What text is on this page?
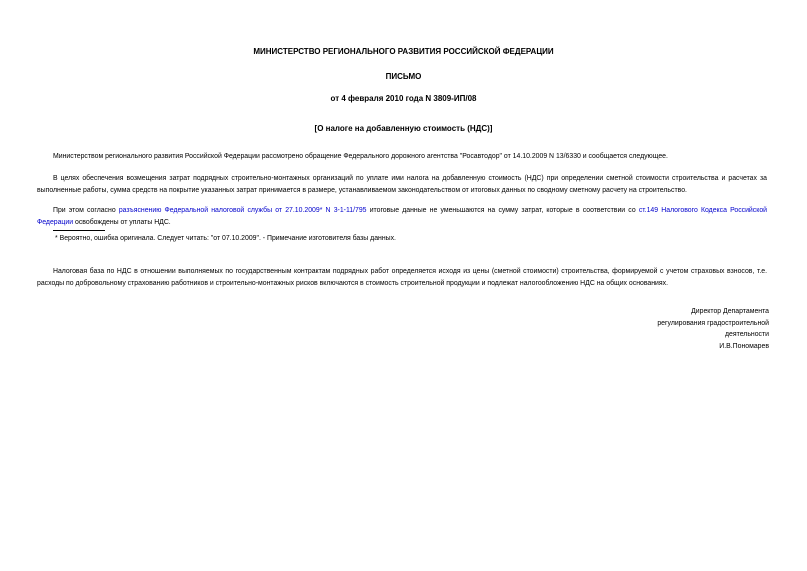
МИНИСТЕРСТВО РЕГИОНАЛЬНОГО РАЗВИТИЯ РОССИЙСКОЙ ФЕДЕРАЦИИ
ПИСЬМО
от 4 февраля 2010 года N 3809-ИП/08
[О налоге на добавленную стоимость (НДС)]
Министерством регионального развития Российской Федерации рассмотрено обращение Федерального дорожного агентства "Росавтодор" от 14.10.2009 N 13/6330 и сообщается следующее.
В целях обеспечения возмещения затрат подрядных строительно-монтажных организаций по уплате ими налога на добавленную стоимость (НДС) при определении сметной стоимости строительства и расчетах за выполненные работы, сумма средств на покрытие указанных затрат принимается в размере, устанавливаемом законодательством от итоговых данных по сводному сметному расчету на строительство.
При этом согласно разъяснению Федеральной налоговой службы от 27.10.2009* N 3-1-11/795 итоговые данные не уменьшаются на сумму затрат, которые в соответствии со ст.149 Налогового Кодекса Российской Федерации освобождены от уплаты НДС.
* Вероятно, ошибка оригинала. Следует читать: "от 07.10.2009". - Примечание изготовителя базы данных.
Налоговая база по НДС в отношении выполняемых по государственным контрактам подрядных работ определяется исходя из цены (сметной стоимости) строительства, формируемой с учетом страховых взносов, т.е. расходы по добровольному страхованию работников и строительно-монтажных рисков включаются в стоимость строительной продукции и подлежат налогообложению НДС на общих основаниях.
Директор Департамента
регулирования градостроительной
деятельности
И.В.Пономарев
